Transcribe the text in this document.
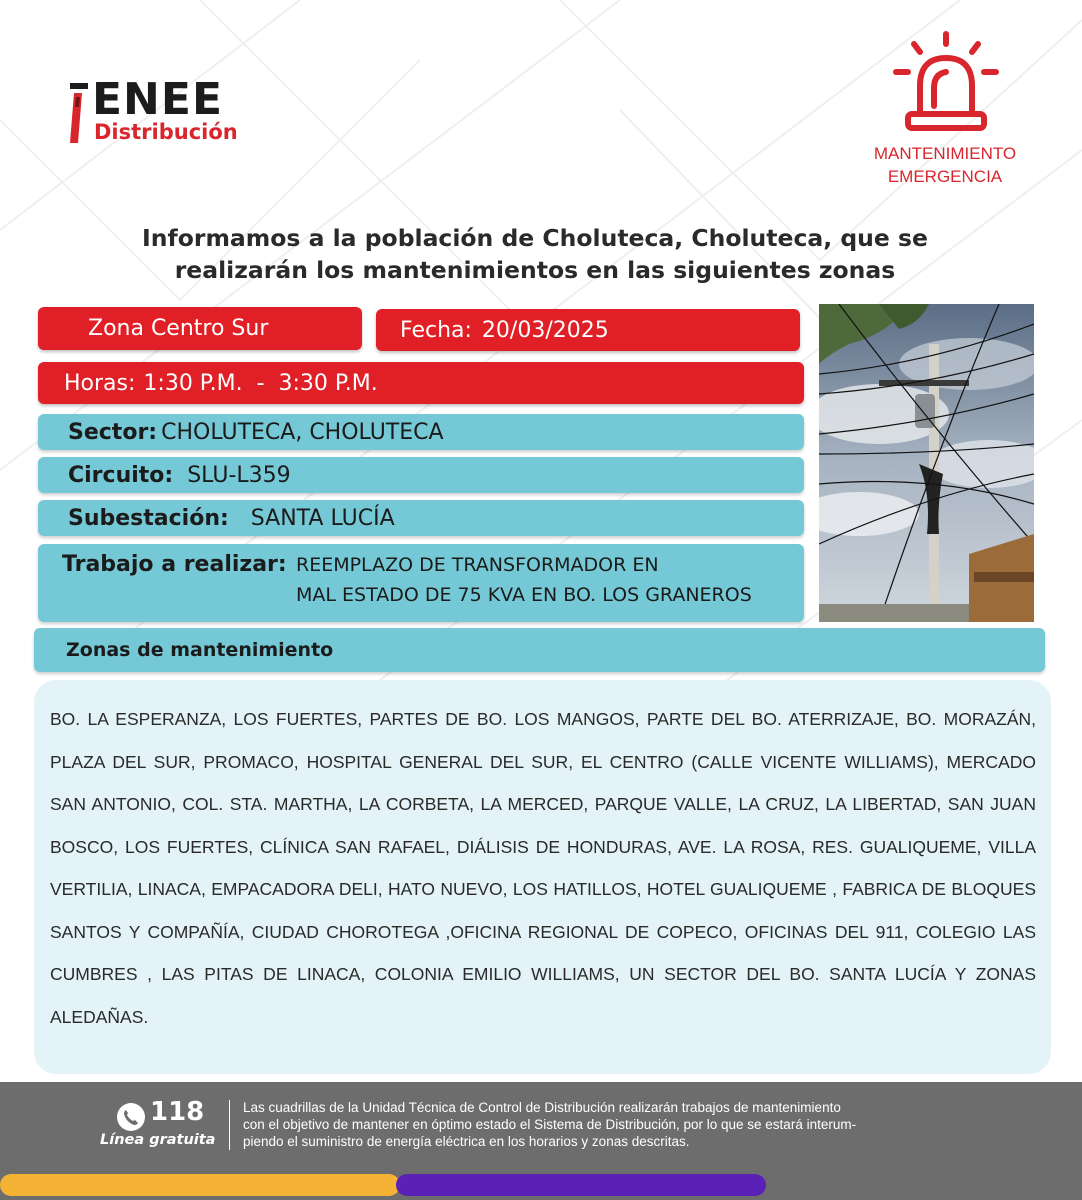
ENEE
Distribución
MANTENIMIENTO
EMERGENCIA
Informamos a la población de Choluteca, Choluteca, que se
realizarán los mantenimientos en las siguientes zonas
Zona Centro Sur	Fecha: 20/03/2025
Horas: 1:30 P.M.  -  3:30 P.M.
Sector: CHOLUTECA, CHOLUTECA
Circuito: SLU-L359
Subestación: SANTA LUCÍA
Trabajo a realizar: REEMPLAZO DE TRANSFORMADOR EN
MAL ESTADO DE 75 KVA EN BO. LOS GRANEROS
Zonas de mantenimiento
BO. LA ESPERANZA, LOS FUERTES, PARTES DE BO. LOS MANGOS, PARTE DEL BO. ATERRIZAJE, BO. MORAZÁN, PLAZA DEL SUR, PROMACO, HOSPITAL GENERAL DEL SUR, EL CENTRO (CALLE VICENTE WILLIAMS), MERCADO SAN ANTONIO, COL. STA. MARTHA, LA CORBETA, LA MERCED, PARQUE VALLE, LA CRUZ, LA LIBERTAD, SAN JUAN BOSCO, LOS FUERTES, CLÍNICA SAN RAFAEL, DIÁLISIS DE HONDURAS, AVE. LA ROSA, RES. GUALIQUEME, VILLA VERTILIA, LINACA, EMPACADORA DELI, HATO NUEVO, LOS HATILLOS, HOTEL GUALIQUEME , FABRICA DE BLOQUES SANTOS Y COMPAÑÍA, CIUDAD CHOROTEGA ,OFICINA REGIONAL DE COPECO, OFICINAS DEL 911, COLEGIO LAS CUMBRES , LAS PITAS DE LINACA, COLONIA EMILIO WILLIAMS, UN SECTOR DEL BO. SANTA LUCÍA Y ZONAS ALEDAÑAS.
118
Línea gratuita
Las cuadrillas de la Unidad Técnica de Control de Distribución realizarán trabajos de mantenimiento
con el objetivo de mantener en óptimo estado el Sistema de Distribución, por lo que se estará interum-
piendo el suministro de energía eléctrica en los horarios y zonas descritas.
